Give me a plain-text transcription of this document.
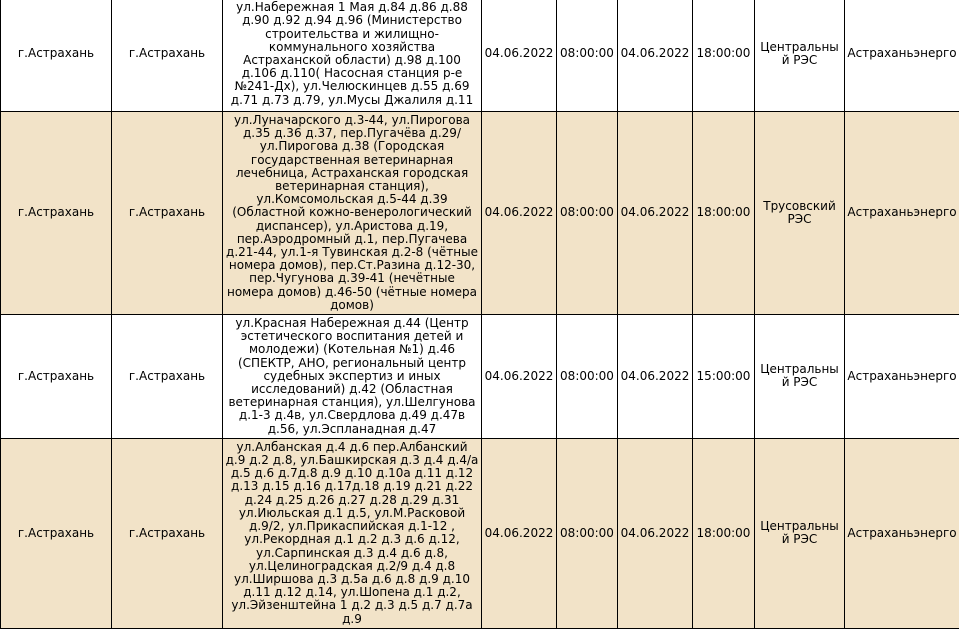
г.Астрахань	г.Астрахань	ул.Набережная 1 Мая д.84 д.86 д.88 д.90 д.92 д.94 д.96 (Министерство строительства и жилищно-коммунального хозяйства Астраханской области) д.98 д.100 д.106 д.110( Насосная станция р-е №241-Дх), ул.Челюскинцев д.55 д.69 д.71 д.73 д.79, ул.Мусы Джалиля д.11	04.06.2022	08:00:00	04.06.2022	18:00:00	Центральный РЭС	Астраханьэнерго
г.Астрахань	г.Астрахань	ул.Луначарского д.3-44, ул.Пирогова д.35 д.36 д.37, пер.Пугачёва д.29/ ул.Пирогова д.38 (Городская государственная ветеринарная лечебница, Астраханская городская ветеринарная станция), ул.Комсомольская д.5-44 д.39 (Областной кожно-венерологический диспансер), ул.Аристова д.19, пер.Аэродромный д.1, пер.Пугачева д.21-44, ул.1-я Тувинская д.2-8 (чётные номера домов), пер.Ст.Разина д.12-30, пер.Чугунова д.39-41 (нечётные номера домов) д.46-50 (чётные номера домов)	04.06.2022	08:00:00	04.06.2022	18:00:00	Трусовский РЭС	Астраханьэнерго
г.Астрахань	г.Астрахань	ул.Красная Набережная д.44 (Центр эстетического воспитания детей и молодежи) (Котельная №1) д.46 (СПЕКТР, АНО, региональный центр судебных экспертиз и иных исследований) д.42 (Областная ветеринарная станция), ул.Шелгунова д.1-3 д.4в, ул.Свердлова д.49 д.47в д.56, ул.Эспланадная д.47	04.06.2022	08:00:00	04.06.2022	15:00:00	Центральный РЭС	Астраханьэнерго
г.Астрахань	г.Астрахань	ул.Албанская д.4 д.6 пер.Албанский д.9 д.2 д.8, ул.Башкирская д.3 д.4 д.4/а д.5 д.6 д.7д.8 д.9 д.10 д.10а д.11 д.12 д.13 д.15 д.16 д.17д.18 д.19 д.21 д.22 д.24 д.25 д.26 д.27 д.28 д.29 д.31 ул.Июльская д.1 д.5, ул.М.Расковой д.9/2, ул.Прикаспийская д.1-12 , ул.Рекордная д.1 д.2 д.3 д.6 д.12, ул.Сарпинская д.3 д.4 д.6 д.8, ул.Целиноградская д.2/9 д.4 д.8 ул.Ширшова д.3 д.5а д.6 д.8 д.9 д.10 д.11 д.12 д.14, ул.Шопена д.1 д.2, ул.Эйзенштейна 1 д.2 д.3 д.5 д.7 д.7а д.9	04.06.2022	08:00:00	04.06.2022	18:00:00	Центральный РЭС	Астраханьэнерго
